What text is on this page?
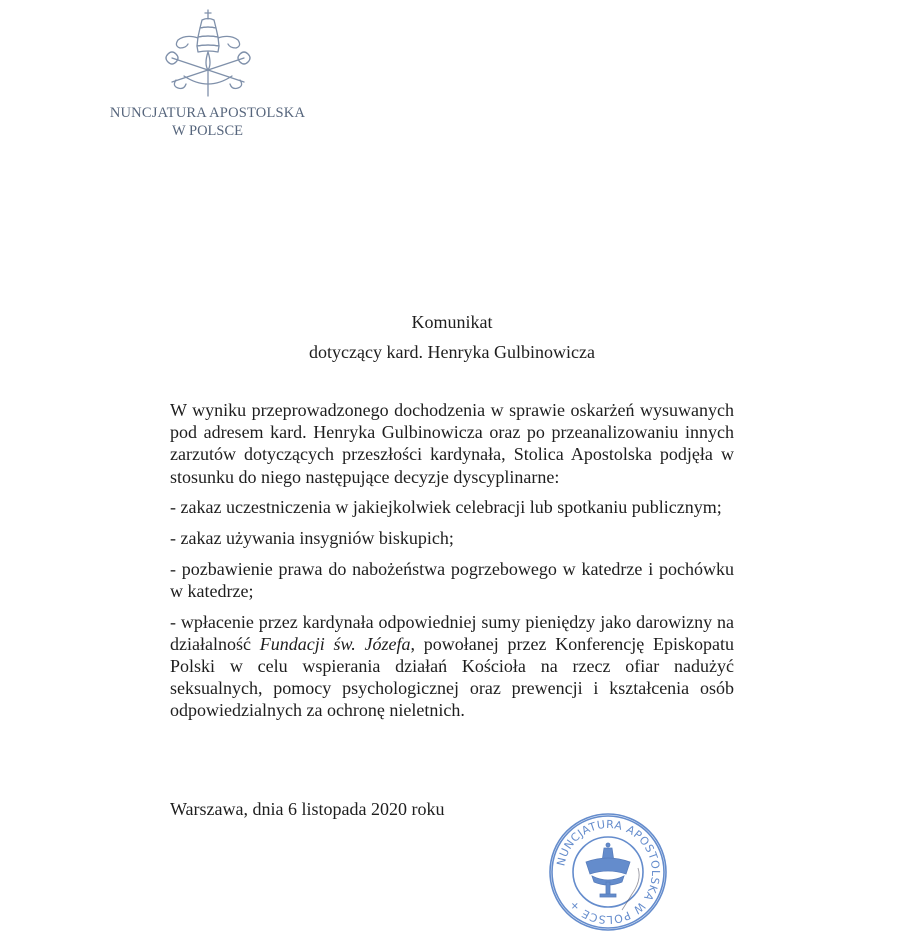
NUNCJATURA APOSTOLSKA
W POLSCE
Komunikat
dotyczący kard. Henryka Gulbinowicza

W wyniku przeprowadzonego dochodzenia w sprawie oskarżeń wysuwanych pod adresem kard. Henryka Gulbinowicza oraz po przeanalizowaniu innych zarzutów dotyczących przeszłości kardynała, Stolica Apostolska podjęła w stosunku do niego następujące decyzje dyscyplinarne:

- zakaz uczestniczenia w jakiejkolwiek celebracji lub spotkaniu publicznym;

- zakaz używania insygniów biskupich;

- pozbawienie prawa do nabożeństwa pogrzebowego w katedrze i pochówku w katedrze;

- wpłacenie przez kardynała odpowiedniej sumy pieniędzy jako darowizny na działalność Fundacji św. Józefa, powołanej przez Konferencję Episkopatu Polski w celu wspierania działań Kościoła na rzecz ofiar nadużyć seksualnych, pomocy psychologicznej oraz prewencji i kształcenia osób odpowiedzialnych za ochronę nieletnich.

Warszawa, dnia 6 listopada 2020 roku
NUNCJATURA APOSTOLSKA W POLSCE +
